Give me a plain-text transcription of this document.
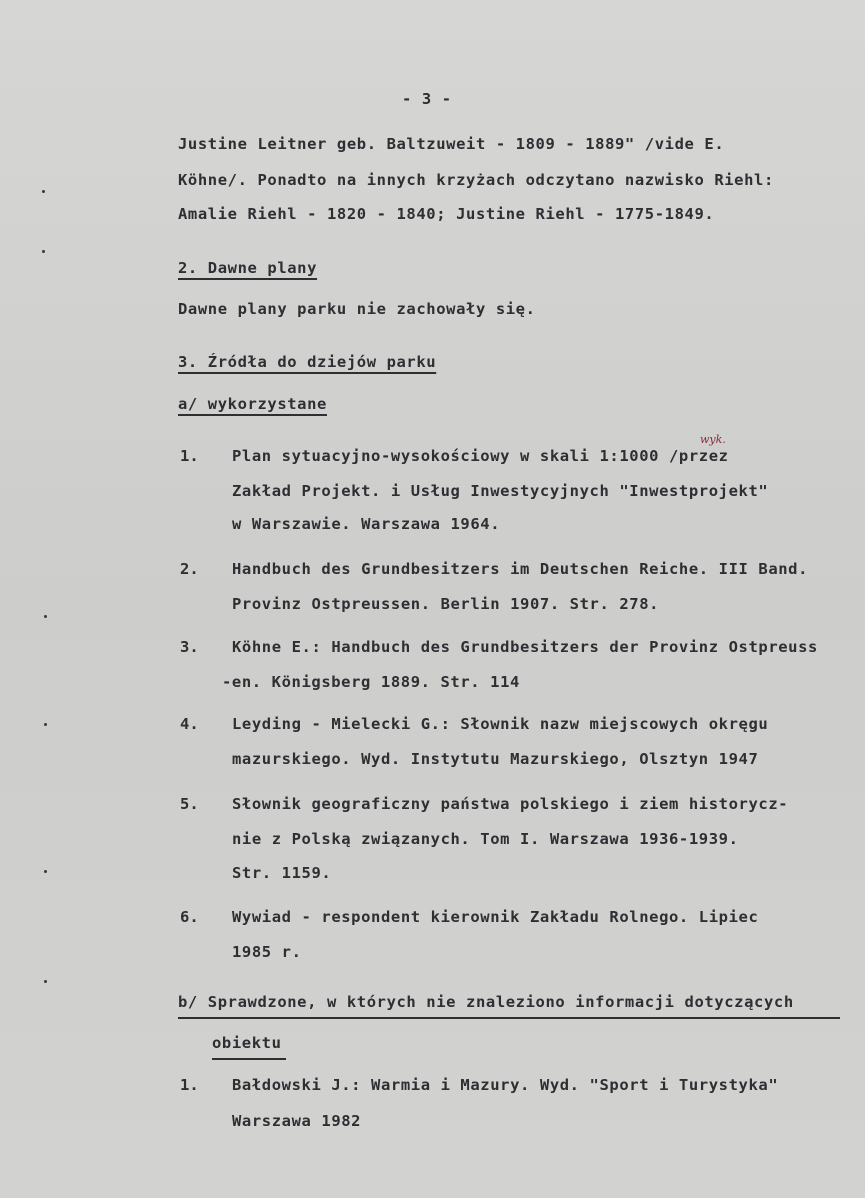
- 3 -
Justine Leitner geb. Baltzuweit - 1809 - 1889" /vide E.
Köhne/. Ponadto na innych krzyżach odczytano nazwisko Riehl:
Amalie Riehl - 1820 - 1840; Justine Riehl - 1775-1849.
2. Dawne plany
Dawne plany parku nie zachowały się.
3. Źródła do dziejów parku
a/ wykorzystane
1. Plan sytuacyjno-wysokościowy w skali 1:1000 /przez
wyk.
Zakład Projekt. i Usług Inwestycyjnych "Inwestprojekt"
w Warszawie. Warszawa 1964.
2. Handbuch des Grundbesitzers im Deutschen Reiche. III Band.
Provinz Ostpreussen. Berlin 1907. Str. 278.
3. Köhne E.: Handbuch des Grundbesitzers der Provinz Ostpreuss
-en. Königsberg 1889. Str. 114
4. Leyding - Mielecki G.: Słownik nazw miejscowych okręgu
mazurskiego. Wyd. Instytutu Mazurskiego, Olsztyn 1947
5. Słownik geograficzny państwa polskiego i ziem historycz-
nie z Polską związanych. Tom I. Warszawa 1936-1939.
Str. 1159.
6. Wywiad - respondent kierownik Zakładu Rolnego. Lipiec
1985 r.
b/ Sprawdzone, w których nie znaleziono informacji dotyczących
obiektu
1. Bałdowski J.: Warmia i Mazury. Wyd. "Sport i Turystyka"
Warszawa 1982
